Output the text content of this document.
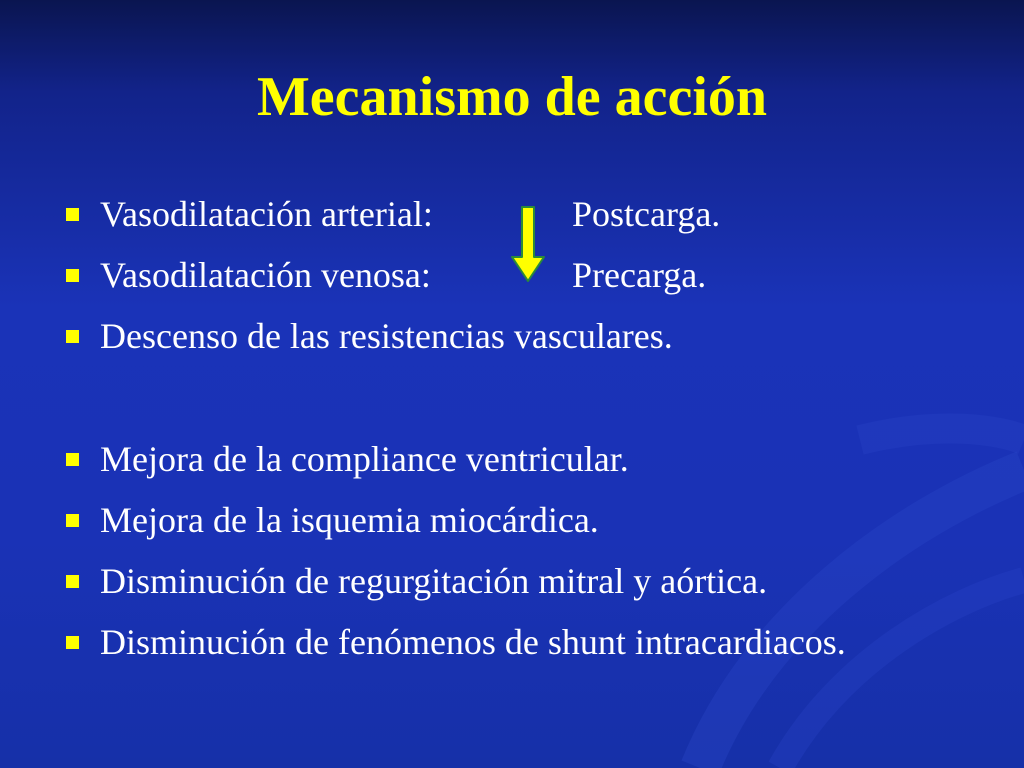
Mecanismo de acción
Vasodilatación arterial:	Postcarga.
Vasodilatación venosa:	Precarga.
Descenso de las resistencias vasculares.
Mejora de la compliance ventricular.
Mejora de la isquemia miocárdica.
Disminución de regurgitación mitral y aórtica.
Disminución de fenómenos de shunt intracardiacos.
